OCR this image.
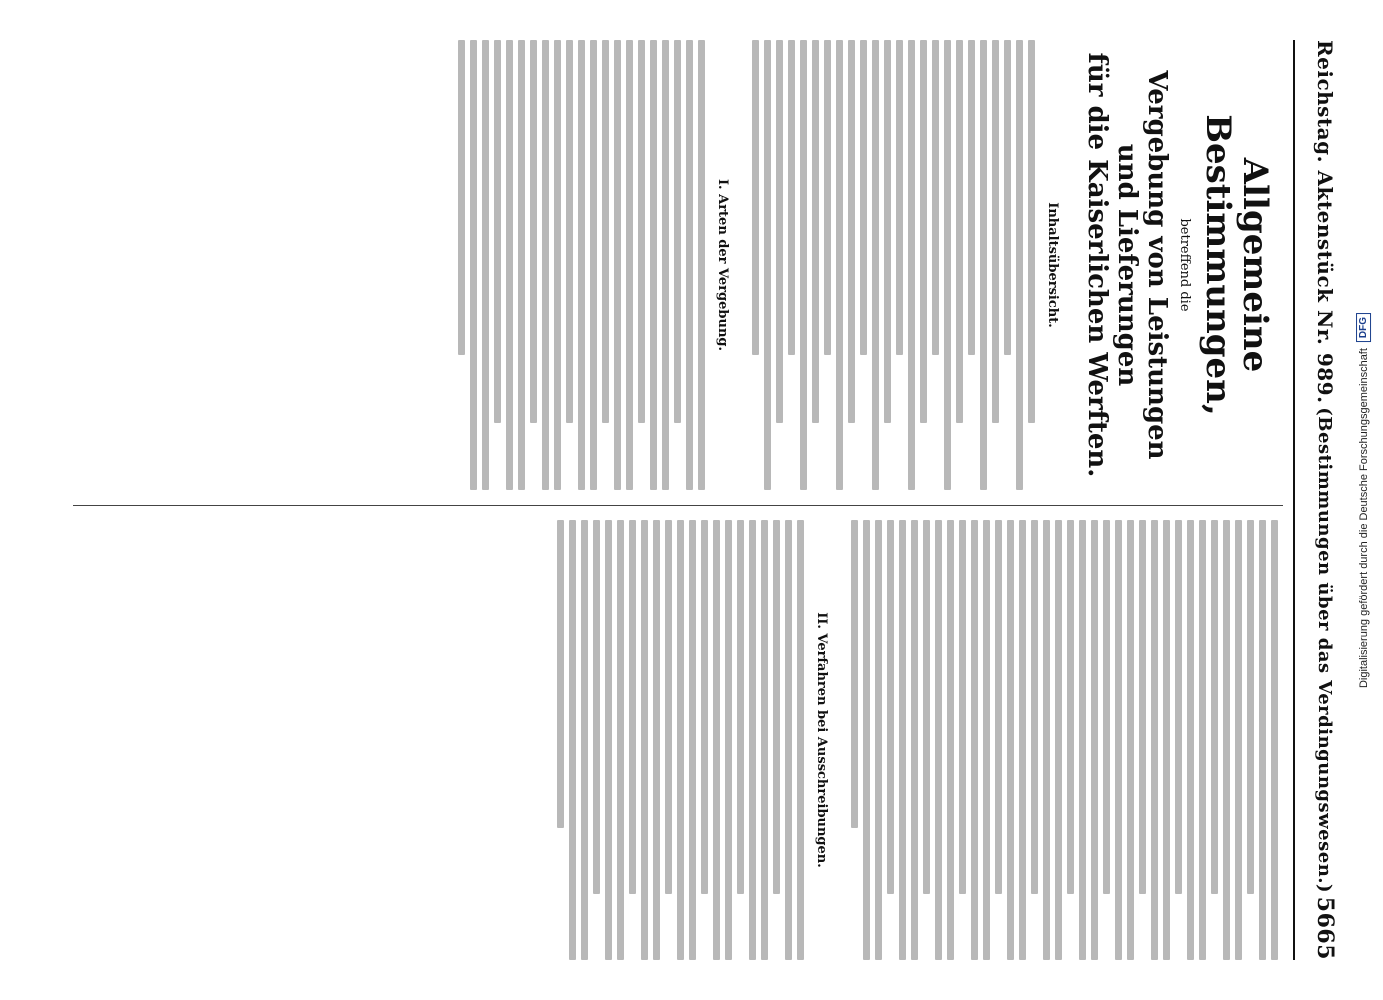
Reichstag. Aktenstück Nr. 989.
(Bestimmungen über das Verdingungswesen.)
5665
Allgemeine Bestimmungen,
betreffend die
Vergebung von Leistungen und Lieferungen
für die Kaiserlichen Werften.
Inhaltsübersicht.
I. Arten der Vergebung.
II. Verfahren bei Ausschreibungen.
Digitalisierung gefördert durch die Deutsche Forschungsgemeinschaft
DFG
